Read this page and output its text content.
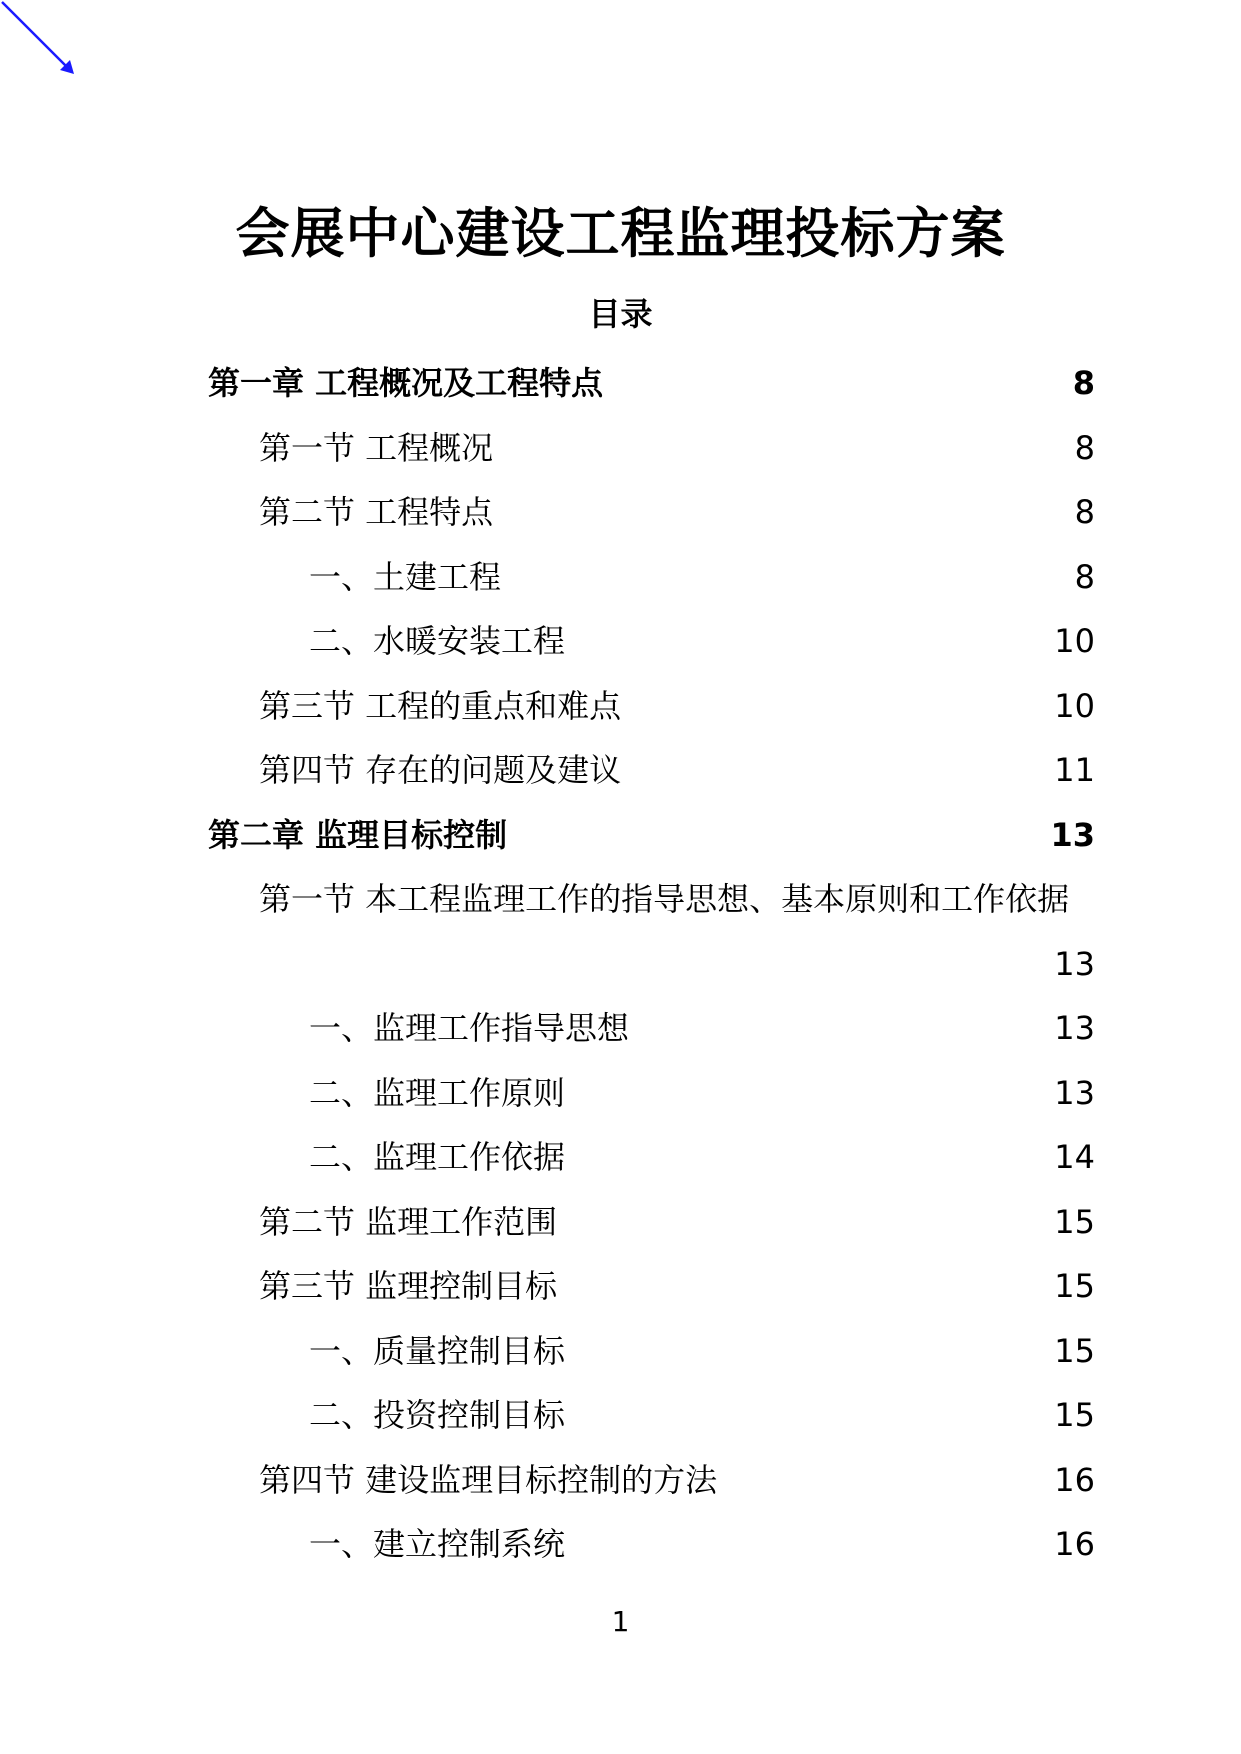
会展中心建设工程监理投标方案
目录
第一章 工程概况及工程特点	8
第一节 工程概况	8
第二节 工程特点	8
一、土建工程	8
二、水暖安装工程	10
第三节 工程的重点和难点	10
第四节 存在的问题及建议	11
第二章 监理目标控制	13
第一节 本工程监理工作的指导思想、基本原则和工作依据
13
一、监理工作指导思想	13
二、监理工作原则	13
二、监理工作依据	14
第二节 监理工作范围	15
第三节 监理控制目标	15
一、质量控制目标	15
二、投资控制目标	15
第四节 建设监理目标控制的方法	16
一、建立控制系统	16
1
